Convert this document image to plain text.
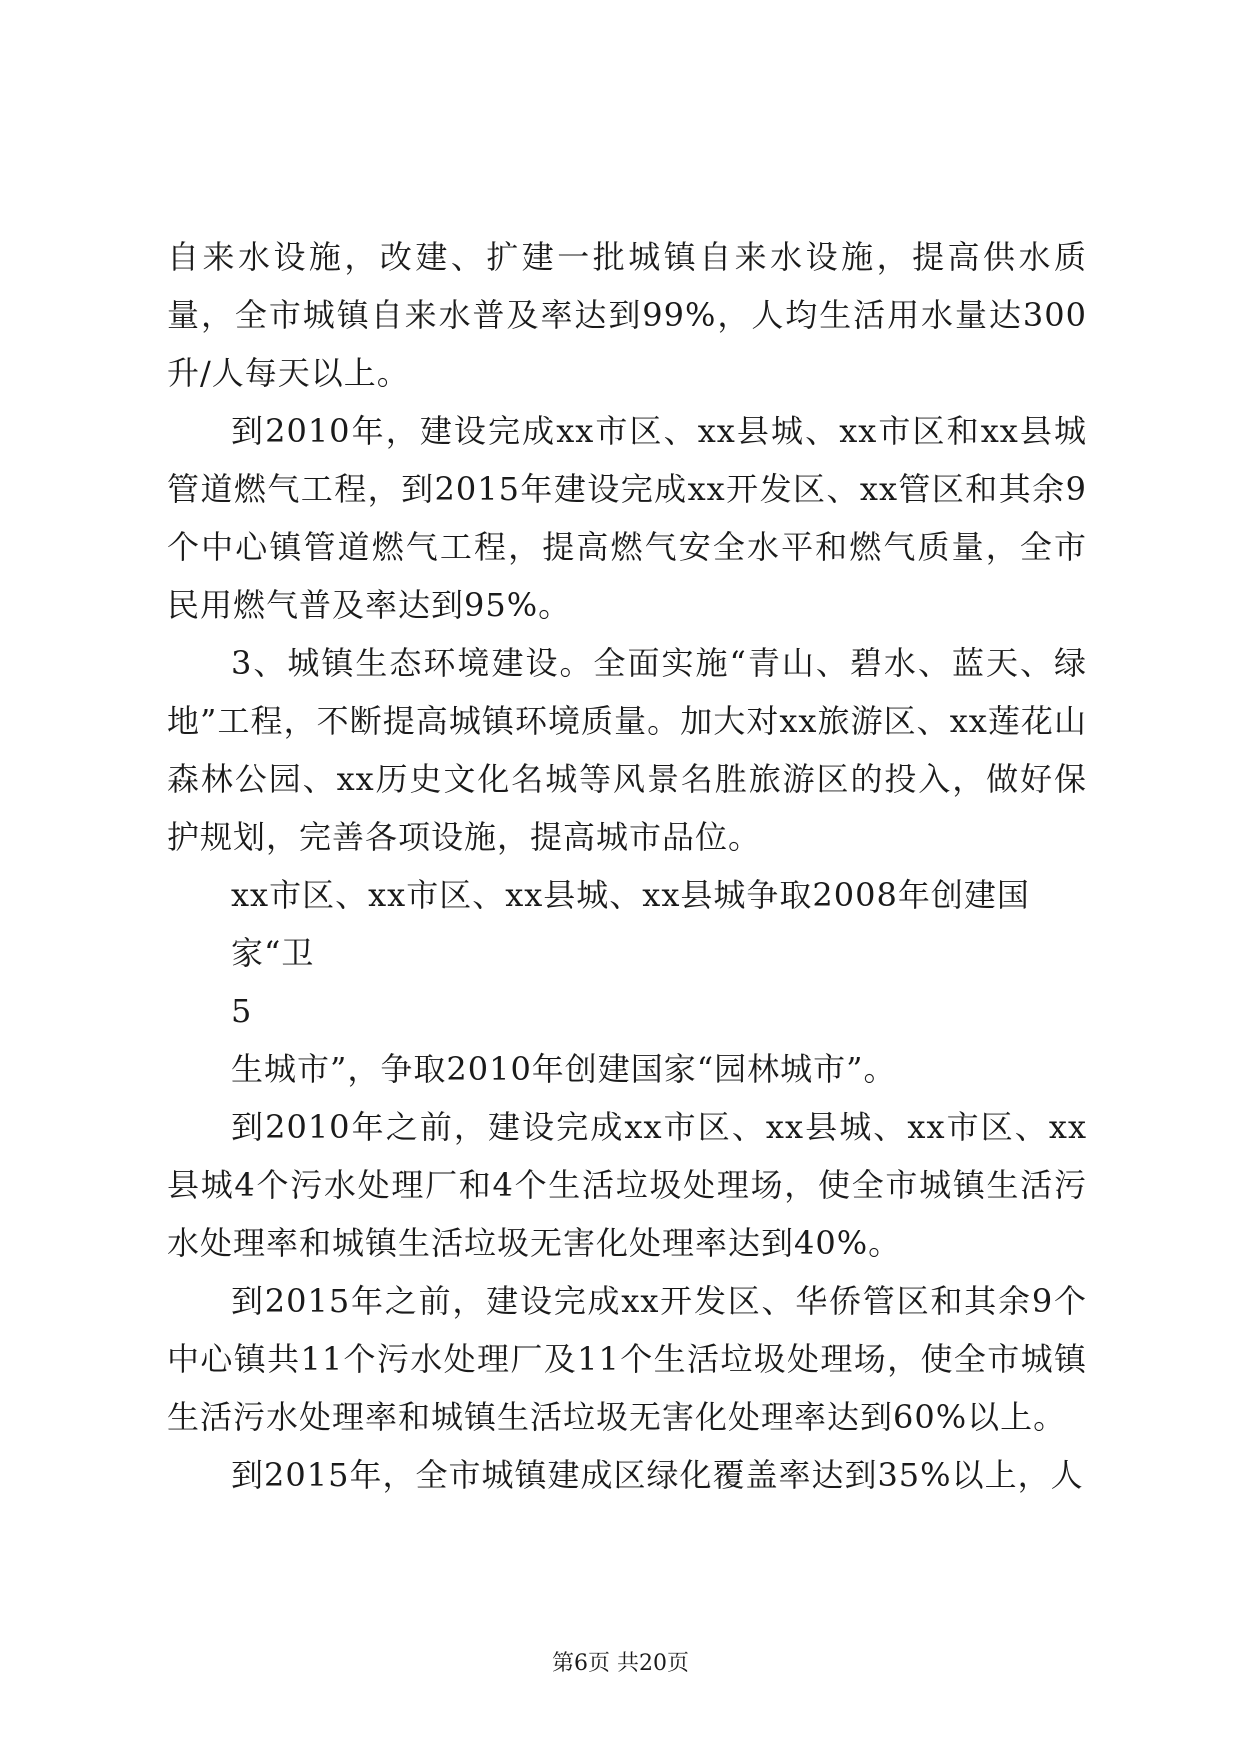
自来水设施，改建、扩建一批城镇自来水设施，提高供水质量，全市城镇自来水普及率达到99%，人均生活用水量达300升/人每天以上。

到2010年，建设完成xx市区、xx县城、xx市区和xx县城管道燃气工程，到2015年建设完成xx开发区、xx管区和其余9个中心镇管道燃气工程，提高燃气安全水平和燃气质量，全市民用燃气普及率达到95%。

3、城镇生态环境建设。全面实施“青山、碧水、蓝天、绿地”工程，不断提高城镇环境质量。加大对xx旅游区、xx莲花山森林公园、xx历史文化名城等风景名胜旅游区的投入，做好保护规划，完善各项设施，提高城市品位。

xx市区、xx市区、xx县城、xx县城争取2008年创建国家“卫

5

生城市”，争取2010年创建国家“园林城市”。

到2010年之前，建设完成xx市区、xx县城、xx市区、xx县城4个污水处理厂和4个生活垃圾处理场，使全市城镇生活污水处理率和城镇生活垃圾无害化处理率达到40%。

到2015年之前，建设完成xx开发区、华侨管区和其余9个中心镇共11个污水处理厂及11个生活垃圾处理场，使全市城镇生活污水处理率和城镇生活垃圾无害化处理率达到60%以上。

到2015年，全市城镇建成区绿化覆盖率达到35%以上，人

第6页 共20页
